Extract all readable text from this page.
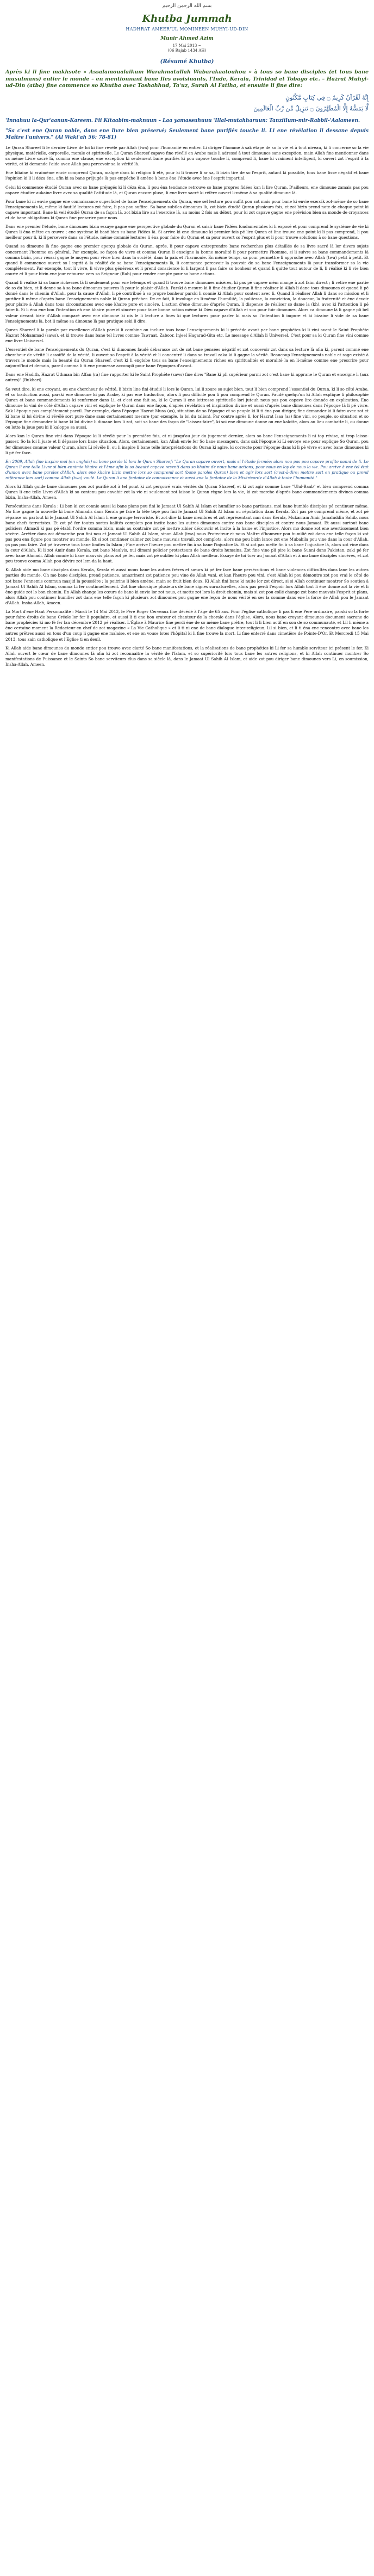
بسم الله الرحمن الرحيم
Khutba Jummah
HADHRAT AMEER'UL MOMINEEN MUHYI-UD-DIN
Munir Ahmed Azim
17 Mai 2013 ~
(06 Rajab 1434 AH)
(Résumé Khutba)

Après ki li fine makhsote « Assalamoualaikum Warahmatullah Wabarakaatouhou » à tous so bane disciples (et tous bane musulmans) entier le monde – en mentionnant bane Iles avoisinants, l'Inde, Kerala, Trinidad et Tobago etc. – Hazrat Muhyi-ud-Din (atba) fine commence so Khutba avec Tashahhud, Ta'uz, Surah Al Fatiha, et ensuite li fine dire:

إِنَّهُ لَقُرْآنٌ كَرِيمٌ ۝ فِي كِتَابٍ مَّكْنُونٍ
لَّا يَمَسُّهُ إِلَّا الْمُطَهَّرُونَ ۝ تَنزِيلٌ مِّن رَّبِّ الْعَالَمِينَ

'Innahuu la-Qur'aanun-Kareem. Fii Kitaabim-maknuun – Laa yamassuhuuu 'Illal-mutahharuun: Tanziilum-mir-Rabbil-'Aalameen.

"Sa c'est ene Quran noble, dans ene livre bien préservé; Seulement bane purifiés touche li. Li ene révélation li dessane depuis Maître l'univers." (Al Waki'ah 56: 78-81)

Le Quran Shareef li le dernier Livre de loi ki fine révélé par Allah (twa) pour l'humanité en entier. Li diriger l'homme à sak étape de so la vie et à tout niveau, ki li concerne so la vie physique, matérielle, corporelle, morale et spirituelle. Le Quran Shareef capave fine révélé en Arabe mais li adressé à tout dimounes sans exception, main Allah fine mentionner dans sa même Livre sacré là, comma ene clause, ene exception ki seulement bane purifiés ki pou capave touche li, comprend li, bane ki vraiment intelligent, ki ouvert zot l'esprit à la vérité, et ki demande l'aide avec Allah pou percevoir sa la vérité là.

Ene Idiaine ki vraimême envie comprend Quran, malgré dans ki religion li été, pour ki li trouve li ar sa, li bizin tire de so l'esprit, autant ki possible, tous bane fisse négatif et bane l'opinion ki li li déza éna, afin ki sa bane préjugés là pas empêche li amène à bene ène l'étude avec ène l'esprit impartial.

Celui ki commence étudié Quran avec so bane préjugés ki li déza éna, li pou éna tendance retrouve so bane propres fidées kan li lire Quran. D'ailleurs, ene dimoune zamais pas pou capave étudier aukaine livre avec sa qualité l'attitude là, et Quran encore pluse, li ene livre sacré ki réfère ouvert li-même à sa qualité dimoune là.

Pour bane ki ni envie gagne ene connaissance superficiel de bane l'enseignements du Quran, ene sel lecture pou suffit pou zot mais pour bane ki envie exercik zot-même de so bane l'enseignements là, même ki fautilé lectures zot faire, li pas pou suffire. Sa bane subtles dimounes là, zot bizin étudié Quran plusieurs fois, et zot bizin prend note de chaque point ki capave important. Bane ki veil étudié Quran de sa façon là, zot bizin lire au l'exercise là, au moins 2 fois au début, pour ki zot capave gagne ene prévision bien sa monde de croyances et de bane obligations ki Quran fine prescrire pour nous.

Dans ene premier l'étude, bane dimounes bizin essaye gagne ene perspective globale du Quran et saisir bane l'idées fondamentales ki li exposé et pour comprend le système de vie ki Quran li éna mêtre en œuvre ; ene système ki basé bien su bane l'idées là. Si arrive ki ene dimoune ki premier fois pé lire Quran et line trouve ene point ki li pas comprend, li pou meilleur pour li, ki li perseveré dans so l'étude, même commié lectures li éna pour faire du Quran et sa pour ouvert so l'esprit plus et li pour trouve solutions à so bane questions.

Quand sa dimoune là fine gagne ene premier aperçu globale du Quran, après, li pour capave entreprendre bane recherches plus détaillés de sa livre sacré là lor divers sujets concernant l'homme en général. Par exemple, so façon de vivre et comma Quran li enseigne la bonne moralité li pour permettre l'homme, si li suivre sa bane commandements là comma bizin, pour réussi gagne le moyen pour vivre bien dans la société, dans la paix et l'harmonie. En même temps, sa pour permettre li approche avec Allah (twa) petit à petit. Et quand li commence ouvert so l'esprit à la réalité de sa bane l'enseignements là, li commence percevoir la pouvoir de sa bane l'enseignements là pour transformer so la vie complètement. Par exemple, tout li vivre, li vivre plus généreux et li prend conscience ki li largent li pas faire so bonheur et quand li quitte tout autour de li, li réalisé ki li vie bien courte et li pour bizin ene jour retourne vers so Seigneur (Rab) pour rendre compte pour so bane actions.

Quand li réalisé ki sa bane richesses là li seulement pour ene letemps et quand li trouve bane dimounes misères, ki pas pé capave mém mange à zot faim direct ; li retire ene partie de so du bien, et li donne sa à sa bane dimounes pauvres là pour le plaisir d'Allah. Parski à mesure ki li fine étudier Quran li fine réaliser ki Allah li dane tous dimounes et quand li pé donné dans le chemin d'Allah, pour la cause d'Allah, li pé contribué à so propre bonheur parski li connie ki Allah pour content avec li. Quand li réaliser Allah li dans so mission et li purifier li même d'après bane l'enseignements noble ki Quran prêcher. De ce fait, li involuge en li-même l'humilité, la politesse, la conviction, la douceur, la fraternité et ène devoir pour plaire à Allah dans tous circonstances avec ene khaire pure et sincère. L'action d'ene dimoune d'après Quran, li dispense de réaliser so dame la (kh), avec ki l'attention li pé faire li. Si li éna ene bon l'intention eh ene khaire pure et sincère pour faire bonne action même ki Dieu capave d'Allah et sou pour fuir dimounes. Alors ca dimoune là li gagne pli bel valeur devant bizir d'Allah comparé avec ene dimoune ki ois le li lecture a fines ki qué lectures pour parler ki mais so l'intention li impure et ki bizaine li vide de sa bane l'enseignements là, bot li même sa dimoune là pas pratique seki li dire.

Quran Shareef li la parole par excellence d'Allah parski li combine ou inclure tous bane l'enseignements ki li précède avant par bane prophètes ki li vini avant le Saint Prophète Hazrat Mohammad (saws), et ki trouve dans bane tel livres comme Tawraat, Zaboor, Injeel Hagarad-Gita etc. Le message d'Allah li Universel. C'est pour sa ki Quran fine vini comme ene livre Universel.

L'essentiel de bane l'enseignements du Quran, c'est ki dimounes faudé débarasse zot de zot bane pensées négatif et zot concevoir zot dans sa lecture là afin ki, parent commé ene chercheur de vérité li assoiffé de la vérité, li ouvert so l'esprit à la vérité et li concentré li dans so travail zaka ki li gagne la vérité. Beaucoup l'enseignements noble et sage existé à travers le monde mais la beauté du Quran Shareef, c'est ki li englobe tous sa bane l'enseignements riches en spiritualités et moralité la en li-même comme ene prescrire pour aujourd'hui et demain, pareil comma li ti ene promesse accompli pour bane l'époques d'avant.

Dans ene Hadith, Hazrat Uthman bin Affan (ra) fine rapporter ki le Saint Prophète (saws) fine dire: "Bane ki pli supérieur parmi zot c'est bane ki apprane le Quran et enseigne li (aux autres)" (Bukhari)

Sa veut dire, ki ene croyant, ou ene chercheur de vérité, li bizin line fini étudié li lors le Quran, lui li zoure so sujet bien, tout li bien comprend l'essentiel du Quran, ki li so côté Arabe, et so traduction aussi, parski ene dimoune ki pas Arabe, ki pas ene traduction, alors li pou difficile pou li pou comprend le Quran. Faudé quelqu'un ki Allah explique li philosophie Quran et bane commandements ki renfermer dans Li, et c'est ene fait sa, ki le Quran li ene lettresse spirituelle lori juteuh nous pas pou capave lire donnée en explication. Ene dimoune ki vini de côté d'Allah capave vini et explique le Quran dans ene façon, d'après révélation et inspiration divine et aussi d'après bane dimounes dans l'époque là li pé vivre. Sak l'époque pas complètement pareil. Par exemple, dans l'époque Hazrat Musa (as), situation de so l'époque et so peuple ki li ti éna pou diriger, fine demander ki li faire avec zot et ki bane ki loi divine ki révélé sort pure dane sans certainement mesure (par exemple, la loi du talion). Par contre après li, lor Hazrat Isaa (as) fine vini, so peuple, so situation et so l'époque fine demander ki bane ki loi divine li dimane lors li zot, soit sa bane des façon de "laissez-faire", ki soi ene dimoune donne ou ene kalotte, alors au lieu combatte li, ou donne ou lotte la joue pou ki li kaloppe sa aussi.

Alors kan le Quran fine vini dans l'époque ki li révélé pour la première fois, et ni jusqu'au jour du jugement dernier, alors so bane l'enseignements li ni top révise, ni trop laisse-passer. So la loi li juste et li dépasse lors bane situation. Alors, certainement, kan Allah envie fer So bane messagers, dans sak l'époque ki Li envoye ene pour explique So Quran, pou fer dimounes connue valeur Quran, alors Li révéle li, ou li inspire li bane telle interprétations du Quran ki agire, ki correcte pour l'époque dans ki li pé vivre et avec bane dimounes ki li pé fer face.

En 2009, Allah fine inspire moi (en anglais) sa bane parole là lors le Quran Shareef: "Le Quran capave ouvert, mais si l'étude fermée; alors nou pas pou capave profite nanni de li. Le Quran li ene telle Livre si bien ennimie khaire et l'âme afin ki so beauté capave resenti dans so khaire de nous bane actions, pour nous en loy de nous la vie. Pou arrive à ene tel état d'union avec bane paroles d'Allah, alors ene khaire bizin mettre lors so comprend sort (bane paroles Quran) bien et agir lors sort (c'est-à-dire; mettre sort en pratique ou prend référence lors sort) comme Allah (twa) voulé. Le Quran li ene fontaine de connaissance et aussi ene la fontaine de la Miséricorde d'Allah à toute l'humanité."

Alors ki Allah guide bane dimounes pou zot purifié zot à tel point ki zot perçoivé vrais vérités du Quran Shareef, et ki zot agir comme bane "Ulul-Baab" et bien comprend comma Quran li ene telle Livre d'Allah ki so contenu pou envahir zot la vie ni seulement zot laisse le Quran règne lors la vie, ki zot marche d'après bane commandements divines comma bizin, Insha-Allah, Ameen.

Persécutions dans Kerala : Li bon ki zot connie aussi ki bane plans pou fini le Jamaat Ul Sahih Al Islam et humilier so bane partisans, moi bane humble disciples pé continuer même. No fine gagne la nouvelle ki bane Ahmadis dans Kerala pé faire la tête tépé pou fini le Jamaat Ul Sahih Al Islam ou réputation dans Kerala. Zot pas pé comprend même, et zot pé répanse au partout ki le Jamaat Ul Sahih Al Islam li ene groupe terroriste. Et zot dire ki bane membres et zot représentant nan dans Kerala, Mukarram Amir Jamaluddin Sahib, nous bane chefs terroristes. Et zot pé fer toutes sortes kalités complots pou incite bane les autres dimounes contre nos bane disciples et contre nous Jamaat. Et aussi surtout bane policiers Ahmadi ki pas pé établi l'ordre comma bizin, mais au contraire zot pé mettre zibier découvrir et incite à la haine et l'injustice. Alors mo donne zot ene avertissement bien sévère. Arrêter dans zot démarche pou fini nou et Jamaat Ul Sahih Al Islam, sinon Allah (twa) nous Protecteur et nous Maître d'honneur pou humilié zot dans ene telle façon ki zot pas pou ena figure pou montrer au monde. Et si zot continuer calmer zot bane mauvais travail, zot complots, alors mo pou bizin lance zot ene Mubahila pou vine dans la cour d'Allah, ça pas pou faire. Zot pé traverse tous bane limites la Islam ; Fine arrive l'heure pou mettre fin à sa bane l'injustice là. Et si zot pas mette fin à sa bane l'injustice là, alors zot vine dans la cour d'Allah. Ki li zot Amir dans Kerala, zot bane Maulvis, nul dimani policier protecteurs de bane droits humains. Zot fine vine pli pire ki bane Sunni dans Pakistan, zaki pé fer avec bane Ahmadi. Allah connie ki bane mauvais plans zot pé fer, mais zot pé oublier ki plan Allah meilleur. Essaye de toi tuer au Jamaat d'Allah et à mo bane disciples sincères, et zot pou trouve couma Allah pou dévire zot lem-da la haut.

Ki Allah aide mo bane disciples dans Kerala, Kerala et aussi mous bane les autres frères et sœurs ki pé fer face bane persécutions et bane violences difficultés dans lane les autres parties du monde. Oh mo bane disciples, prend patience, amazrinent zot patience pou vine de Allah vani, et kan l'heure pou vini, c'est Allah ki pou démontre zot pou vrai le côté de zot bane l'ennemis commun masjid la poussière ; la poitrine li bien amène, main so fruit bien doux. Ki Allah fini bane ki nuite lor zot direct, si si Allah continuer montrer So soutien à Jamaat Ul Sahih Al Islam, comma Li fer continuellement. Zot fine chrosique plusieurs de bane signes surnaturelles, alors pas perdi l'espoir lors Allah tout li ène donne zot la vie et li ène guide zot lo bon chemin. En Allah change les cœurs de bane ki envie lor zot nous, et mette zot lors la droit chemin, mais si zot pou collé change zot bane mauvais l'esprit et plans, alors Allah pou continuer humilier zot dans ene telle façon ki plusieurs zot dimounes pou gagne ene leçon de nous vérité en ses la comme dans ene la force de Allah pou le Jamaat d'Allah. Insha-Allah, Ameen.

La Mort d'ene Haut Personnalité : Mardi le 14 Mai 2013, le Père Roger Cerveaux fine décédé à l'âge de 65 ans. Pour l'église catholique li pas li ene Père ordinaire, parski so la forte pour faire droits de bane Créole lor fer li populaire, et aussi li ti ene bon orateur et chanteur de la chorale dans l'église. Alors, nous bane croyant dimounes document sacrane de bane prophécies ki mo fè fer lan décembre 2012 pé réaliser. L'Église à Maurice fine perdi ène de so mème bane prêtre, tout li li bien actif en son de so communauté, et Lil li mème a ène certaine moment la Rédacteur en chef de zot magazine « La Vie Catholique » et li ti ni ene de bane dialogue inter-religieux. Lil si bien, et li ti éna ene rencontre avec bane les autres prêtres aussi en tous d'un coup li gagne ene malaise, et ene on vouse lotes l'hôpital ki li fine trouve la mort. Li fine enterré dans cimetière de Pointe-D'Or. Et Mercredi 15 Mai 2013, tous zain catholique et l'Église ti en deuil.

Ki Allah aide bane dimounes du monde entier pou trouve avec clarté So bane manifestations, et la réalisations de bane prophéties ki Li fer sa humble serviteur ici présent le fer. Ki Allah ouvert le cœur de bane dimounes là afin ki zot reconnaitre la vérité de l'Islam, et so supériorité lors tous bane les autres religions, et ki Allah continuer montrer So manifestations de Puissance et le Saints So bane serviteurs élus dans sa siècle là, dans le Jamaat Ul Sahih Al Islam, et aide zot pou diriger bane dimounes vers Li, en soumission, Insha-Allah, Ameen.
